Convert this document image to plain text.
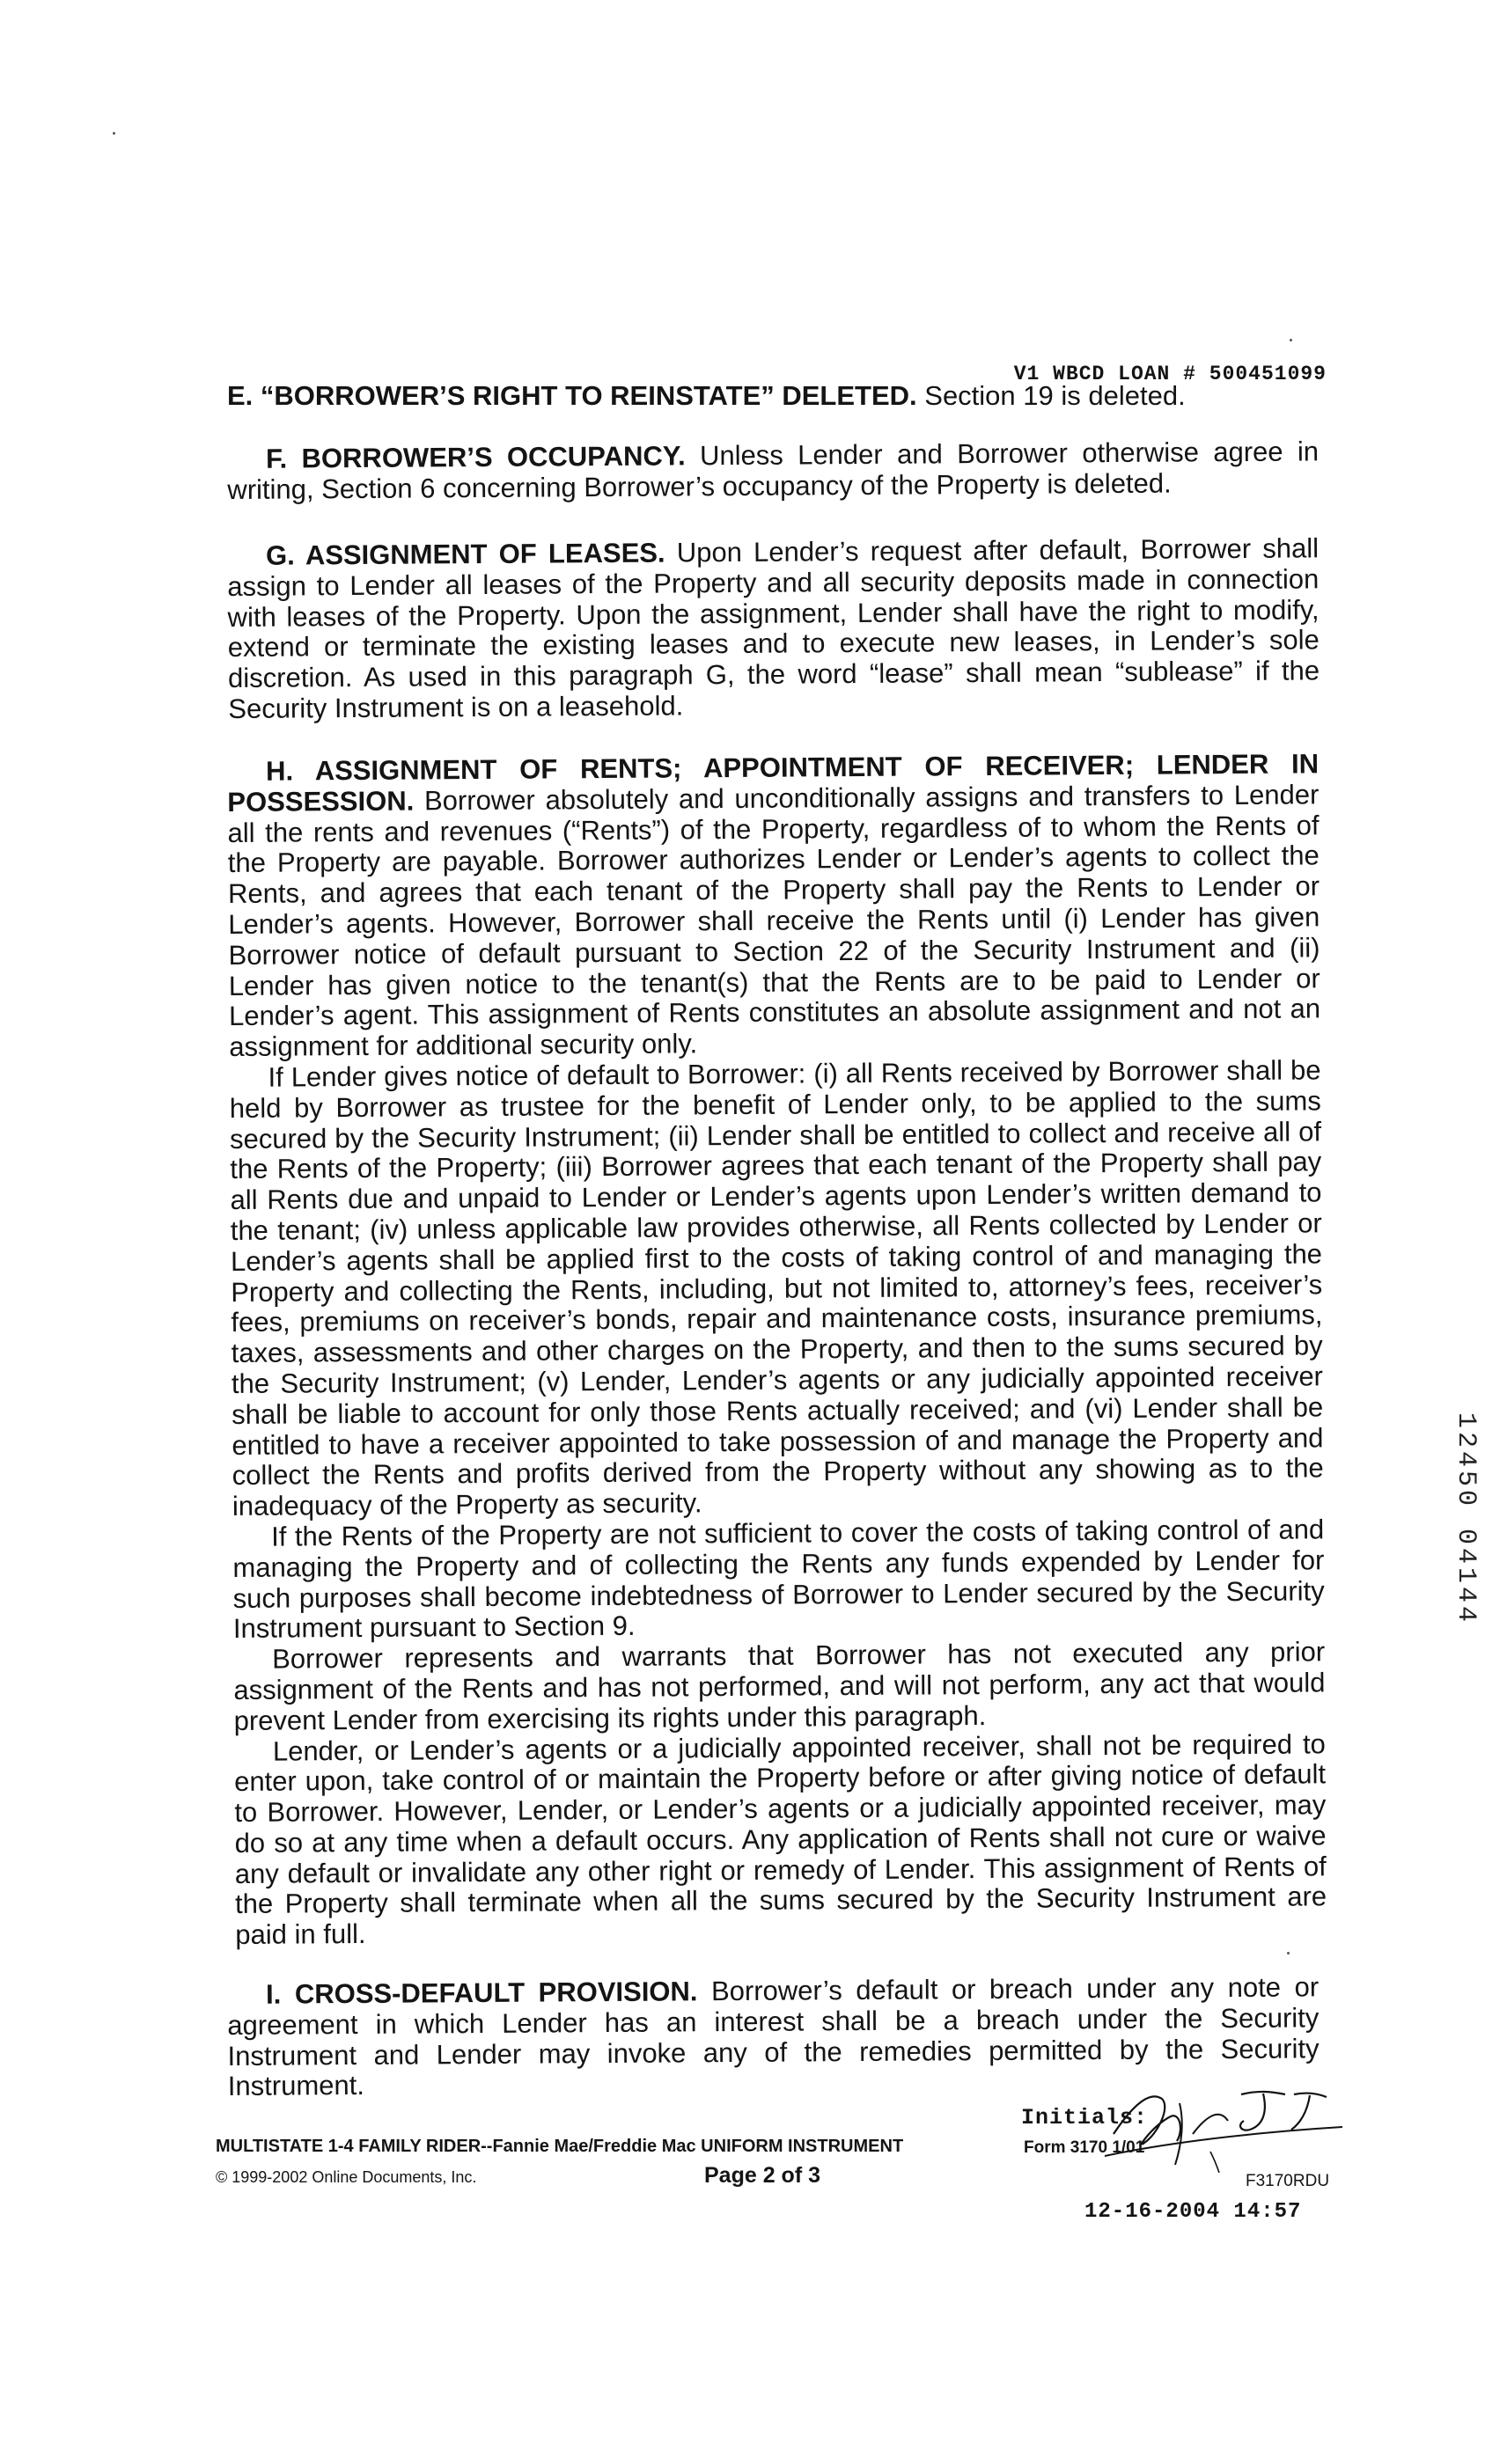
V1 WBCD LOAN # 500451099
E. “BORROWER’S RIGHT TO REINSTATE” DELETED. Section 19 is deleted.

F. BORROWER’S OCCUPANCY. Unless Lender and Borrower otherwise agree in writing, Section 6 concerning Borrower’s occupancy of the Property is deleted.

G. ASSIGNMENT OF LEASES. Upon Lender’s request after default, Borrower shall assign to Lender all leases of the Property and all security deposits made in connection with leases of the Property. Upon the assignment, Lender shall have the right to modify, extend or terminate the existing leases and to execute new leases, in Lender’s sole discretion. As used in this paragraph G, the word “lease” shall mean “sublease” if the Security Instrument is on a leasehold.

H. ASSIGNMENT OF RENTS; APPOINTMENT OF RECEIVER; LENDER IN POSSESSION. Borrower absolutely and unconditionally assigns and transfers to Lender all the rents and revenues (“Rents”) of the Property, regardless of to whom the Rents of the Property are payable. Borrower authorizes Lender or Lender’s agents to collect the Rents, and agrees that each tenant of the Property shall pay the Rents to Lender or Lender’s agents. However, Borrower shall receive the Rents until (i) Lender has given Borrower notice of default pursuant to Section 22 of the Security Instrument and (ii) Lender has given notice to the tenant(s) that the Rents are to be paid to Lender or Lender’s agent. This assignment of Rents constitutes an absolute assignment and not an assignment for additional security only.

If Lender gives notice of default to Borrower: (i) all Rents received by Borrower shall be held by Borrower as trustee for the benefit of Lender only, to be applied to the sums secured by the Security Instrument; (ii) Lender shall be entitled to collect and receive all of the Rents of the Property; (iii) Borrower agrees that each tenant of the Property shall pay all Rents due and unpaid to Lender or Lender’s agents upon Lender’s written demand to the tenant; (iv) unless applicable law provides otherwise, all Rents collected by Lender or Lender’s agents shall be applied first to the costs of taking control of and managing the Property and collecting the Rents, including, but not limited to, attorney’s fees, receiver’s fees, premiums on receiver’s bonds, repair and maintenance costs, insurance premiums, taxes, assessments and other charges on the Property, and then to the sums secured by the Security Instrument; (v) Lender, Lender’s agents or any judicially appointed receiver shall be liable to account for only those Rents actually received; and (vi) Lender shall be entitled to have a receiver appointed to take possession of and manage the Property and collect the Rents and profits derived from the Property without any showing as to the inadequacy of the Property as security.

If the Rents of the Property are not sufficient to cover the costs of taking control of and managing the Property and of collecting the Rents any funds expended by Lender for such purposes shall become indebtedness of Borrower to Lender secured by the Security Instrument pursuant to Section 9.

Borrower represents and warrants that Borrower has not executed any prior assignment of the Rents and has not performed, and will not perform, any act that would prevent Lender from exercising its rights under this paragraph.

Lender, or Lender’s agents or a judicially appointed receiver, shall not be required to enter upon, take control of or maintain the Property before or after giving notice of default to Borrower. However, Lender, or Lender’s agents or a judicially appointed receiver, may do so at any time when a default occurs. Any application of Rents shall not cure or waive any default or invalidate any other right or remedy of Lender. This assignment of Rents of the Property shall terminate when all the sums secured by the Security Instrument are paid in full.

I. CROSS-DEFAULT PROVISION. Borrower’s default or breach under any note or agreement in which Lender has an interest shall be a breach under the Security Instrument and Lender may invoke any of the remedies permitted by the Security Instrument.

MULTISTATE 1-4 FAMILY RIDER--Fannie Mae/Freddie Mac UNIFORM INSTRUMENT
© 1999-2002 Online Documents, Inc.	Page 2 of 3
Initials:
Form 3170 1/01
F3170RDU
12-16-2004 14:57
12450 04144
